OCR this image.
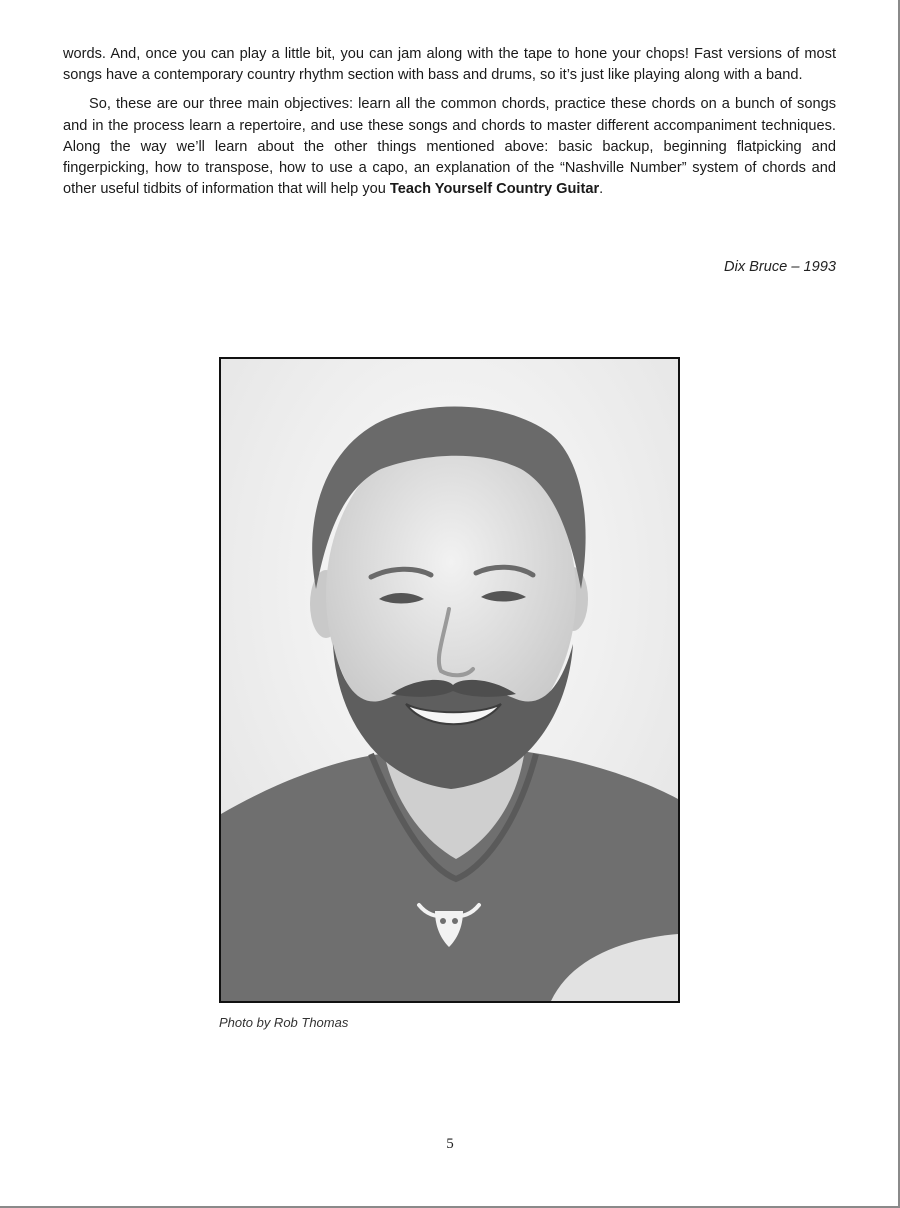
words. And, once you can play a little bit, you can jam along with the tape to hone your chops! Fast versions of most songs have a contemporary country rhythm section with bass and drums, so it’s just like playing along with a band.

So, these are our three main objectives: learn all the common chords, practice these chords on a bunch of songs and in the process learn a repertoire, and use these songs and chords to master different accompaniment techniques. Along the way we’ll learn about the other things mentioned above: basic backup, beginning flatpicking and fingerpicking, how to transpose, how to use a capo, an explanation of the “Nashville Number” system of chords and other useful tidbits of information that will help you Teach Yourself Country Guitar.

Dix Bruce – 1993
Photo by Rob Thomas
5
